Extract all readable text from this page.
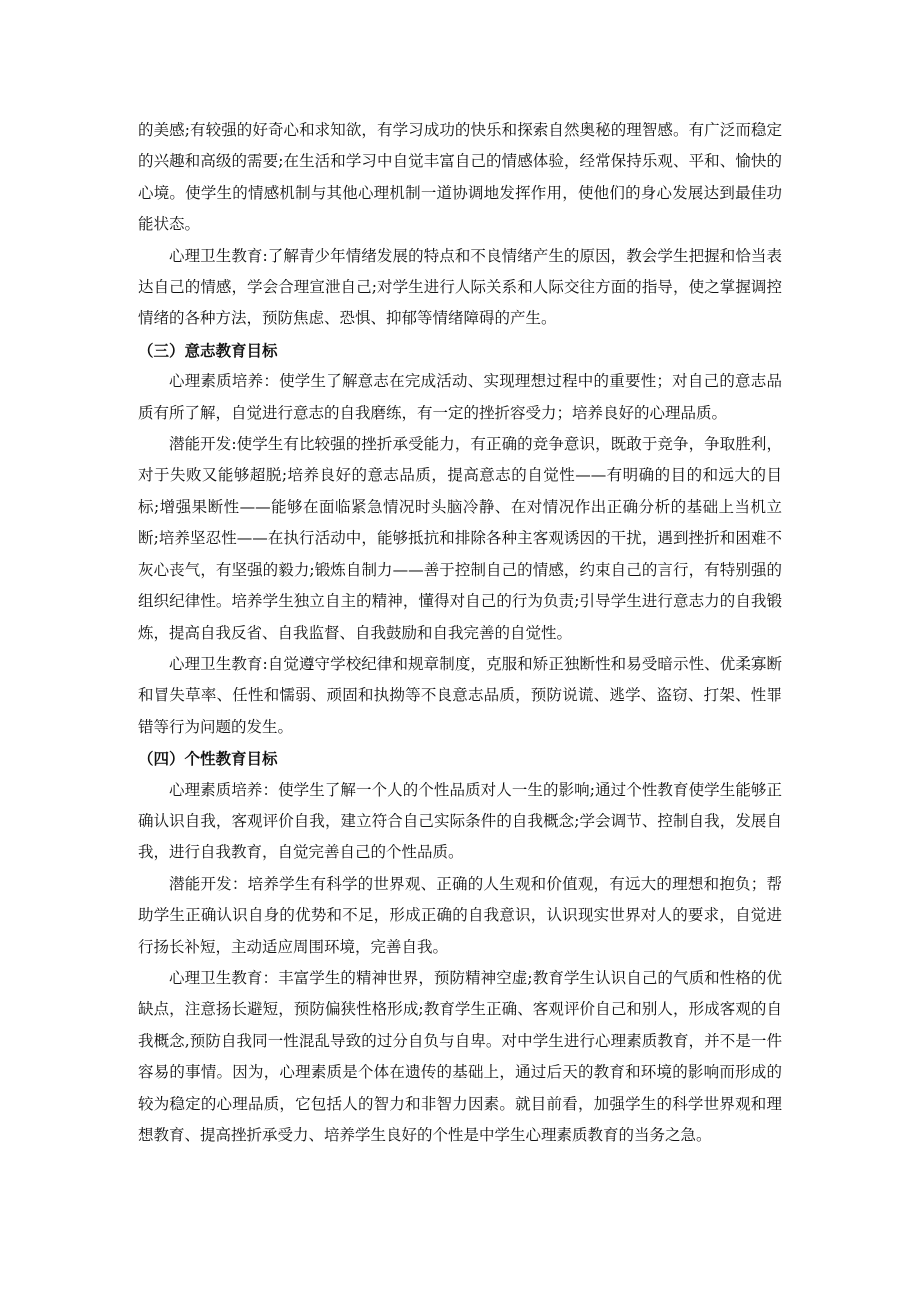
的美感;有较强的好奇心和求知欲，有学习成功的快乐和探索自然奥秘的理智感。有广泛而稳定的兴趣和高级的需要;在生活和学习中自觉丰富自己的情感体验，经常保持乐观、平和、愉快的心境。使学生的情感机制与其他心理机制一道协调地发挥作用，使他们的身心发展达到最佳功能状态。

心理卫生教育:了解青少年情绪发展的特点和不良情绪产生的原因，教会学生把握和恰当表达自己的情感，学会合理宣泄自己;对学生进行人际关系和人际交往方面的指导，使之掌握调控情绪的各种方法，预防焦虑、恐惧、抑郁等情绪障碍的产生。

（三）意志教育目标

心理素质培养：使学生了解意志在完成活动、实现理想过程中的重要性；对自己的意志品质有所了解，自觉进行意志的自我磨练，有一定的挫折容受力；培养良好的心理品质。

潜能开发:使学生有比较强的挫折承受能力，有正确的竞争意识，既敢于竞争，争取胜利，对于失败又能够超脱;培养良好的意志品质，提高意志的自觉性——有明确的目的和远大的目标;增强果断性——能够在面临紧急情况时头脑冷静、在对情况作出正确分析的基础上当机立断;培养坚忍性——在执行活动中，能够抵抗和排除各种主客观诱因的干扰，遇到挫折和困难不灰心丧气，有坚强的毅力;锻炼自制力——善于控制自己的情感，约束自己的言行，有特别强的组织纪律性。培养学生独立自主的精神，懂得对自己的行为负责;引导学生进行意志力的自我锻炼，提高自我反省、自我监督、自我鼓励和自我完善的自觉性。

心理卫生教育:自觉遵守学校纪律和规章制度，克服和矫正独断性和易受暗示性、优柔寡断和冒失草率、任性和懦弱、顽固和执拗等不良意志品质，预防说谎、逃学、盗窃、打架、性罪错等行为问题的发生。

（四）个性教育目标

心理素质培养：使学生了解一个人的个性品质对人一生的影响;通过个性教育使学生能够正确认识自我，客观评价自我，建立符合自己实际条件的自我概念;学会调节、控制自我，发展自我，进行自我教育，自觉完善自己的个性品质。

潜能开发：培养学生有科学的世界观、正确的人生观和价值观，有远大的理想和抱负；帮助学生正确认识自身的优势和不足，形成正确的自我意识，认识现实世界对人的要求，自觉进行扬长补短，主动适应周围环境，完善自我。

心理卫生教育：丰富学生的精神世界，预防精神空虚;教育学生认识自己的气质和性格的优缺点，注意扬长避短，预防偏狭性格形成;教育学生正确、客观评价自己和别人，形成客观的自我概念,预防自我同一性混乱导致的过分自负与自卑。对中学生进行心理素质教育，并不是一件容易的事情。因为，心理素质是个体在遗传的基础上，通过后天的教育和环境的影响而形成的较为稳定的心理品质，它包括人的智力和非智力因素。就目前看，加强学生的科学世界观和理想教育、提高挫折承受力、培养学生良好的个性是中学生心理素质教育的当务之急。
